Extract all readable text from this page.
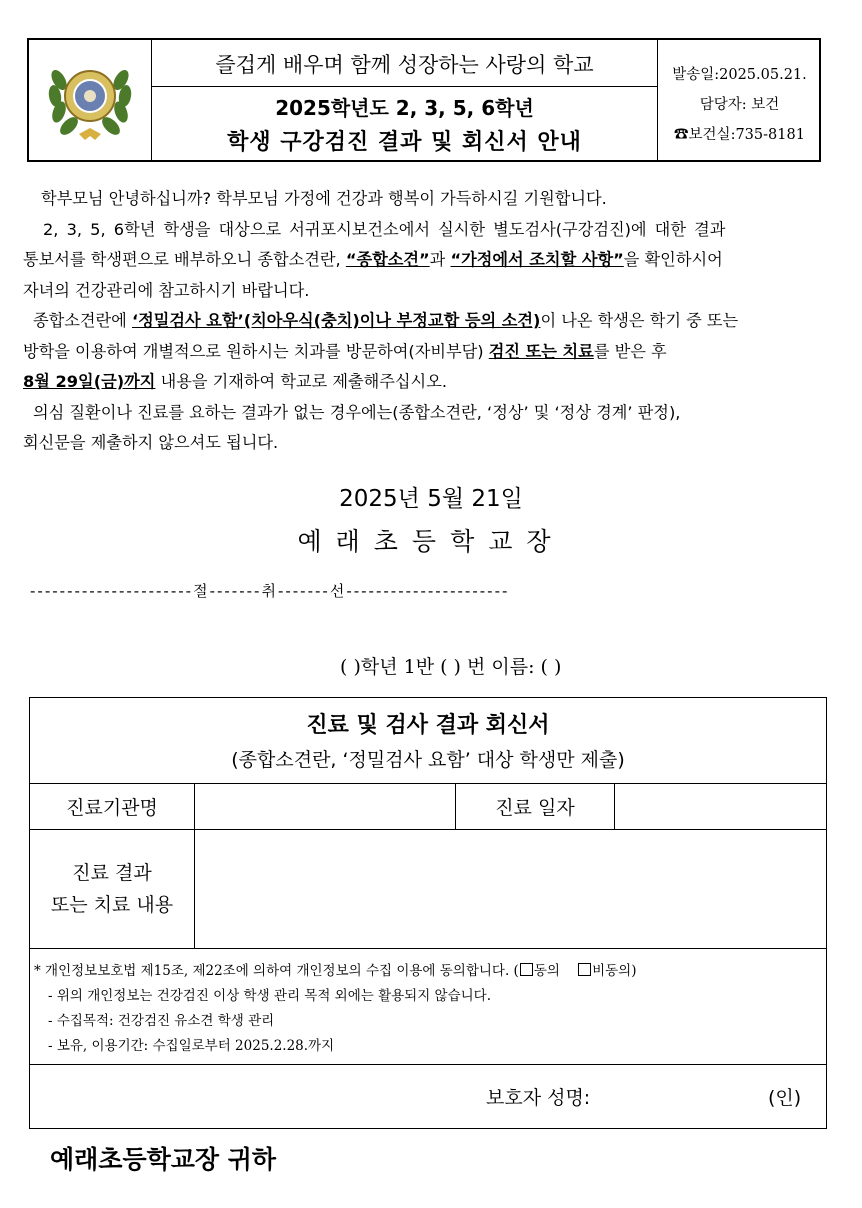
즐겁게 배우며 함께 성장하는 사랑의 학교
2025학년도 2, 3, 5, 6학년
학생 구강검진 결과 및 회신서 안내
발송일:2025.05.21.
담당자: 보건
☎보건실:735-8181

학부모님 안녕하십니까? 학부모님 가정에 건강과 행복이 가득하시길 기원합니다.

2, 3, 5, 6학년 학생을 대상으로 서귀포시보건소에서 실시한 별도검사(구강검진)에 대한 결과

통보서를 학생편으로 배부하오니 종합소견란, “종합소견”과 “가정에서 조치할 사항”을 확인하시어

자녀의 건강관리에 참고하시기 바랍니다.

종합소견란에 ‘정밀검사 요함’(치아우식(충치)이나 부정교합 등의 소견)이 나온 학생은 학기 중 또는

방학을 이용하여 개별적으로 원하시는 치과를 방문하여(자비부담) 검진 또는 치료를 받은 후

8월 29일(금)까지 내용을 기재하여 학교로 제출해주십시오.

의심 질환이나 진료를 요하는 결과가 없는 경우에는(종합소견란, ‘정상’ 및 ‘정상 경계’ 판정),

회신문을 제출하지 않으셔도 됩니다.

2025년 5월 21일
예래초등학교장
----------------------절-------취-------선----------------------
( )학년 1반 ( ) 번 이름: ( )
진료 및 검사 결과 회신서
(종합소견란, ‘정밀검사 요함’ 대상 학생만 제출)
진료기관명	진료 일자
진료 결과
또는 치료 내용
* 개인정보보호법 제15조, 제22조에 의하여 개인정보의 수집 이용에 동의합니다. ( 동의 비동의)
- 위의 개인정보는 건강검진 이상 학생 관리 목적 외에는 활용되지 않습니다.
- 수집목적: 건강검진 유소견 학생 관리
- 보유, 이용기간: 수집일로부터 2025.2.28.까지
보호자 성명:	(인)
예래초등학교장 귀하
